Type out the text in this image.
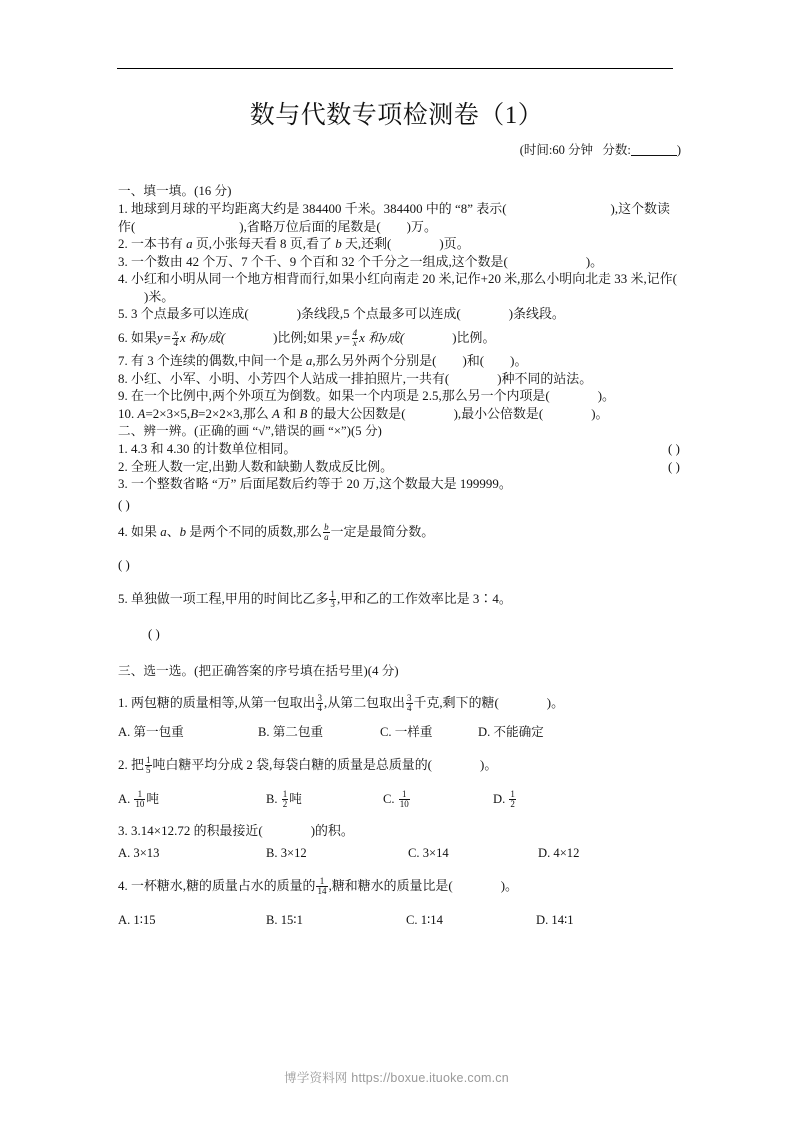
数与代数专项检测卷（1）
(时间:60 分钟 分数:	)
一、填一填。(16 分)
1. 地球到月球的平均距离大约是 384400 千米。384400 中的 “8” 表示(	),这个数读作(	),省略万位后面的尾数是( )万。
2. 一本书有 a 页,小张每天看 8 页,看了 b 天,还剩(	)页。
3. 一个数由 42 个万、7 个千、9 个百和 32 个千分之一组成,这个数是(	)。
4. 小红和小明从同一个地方相背而行,如果小红向南走 20 米,记作+20 米,那么小明向北走 33 米,记作()米。
5. 3 个点最多可以连成(	)条线段,5 个点最多可以连成(	)条线段。
6. 如果$y= \frac{x}{4}$ x 和y成(	)比例;如果 $y= \frac{4}{x}$ x 和y成(	)比例。
7. 有 3 个连续的偶数,中间一个是 a,那么另外两个分别是( )和( )。
8. 小红、小军、小明、小芳四个人站成一排拍照片,一共有(	)种不同的站法。
9. 在一个比例中,两个外项互为倒数。如果一个内项是 2.5,那么另一个内项是(	)。
10. A=2×3×5,B=2×2×3,那么 A 和 B 的最大公因数是(	),最小公倍数是(	)。
二、辨一辨。(正确的画 “√”,错误的画 “×”)(5 分)
1. 4.3 和 4.30 的计数单位相同。	( )
2. 全班人数一定,出勤人数和缺勤人数成反比例。	( )
3. 一个整数省略 “万” 后面尾数后约等于 20 万,这个数最大是 199999。
( )
4. 如果 a、b 是两个不同的质数,那么 $\frac{b}{a}$ 一定是最简分数。
( )
5. 单独做一项工程,甲用的时间比乙多 $\frac{1}{3}$ ,甲和乙的工作效率比是 3∶4。
( )
三、选一选。(把正确答案的序号填在括号里)(4 分)
1. 两包糖的质量相等,从第一包取出 $\frac{3}{4}$ ,从第二包取出 $\frac{3}{4}$ 千克,剩下的糖(	)。
A. 第一包重	B. 第二包重	C. 一样重	D. 不能确定
2. 把 $\frac{1}{5}$ 吨白糖平均分成 2 袋,每袋白糖的质量是总质量的(	)。
A. $\frac{1}{10}$ 吨	B. $\frac{1}{2}$ 吨	C. $\frac{1}{10}$	D. $\frac{1}{2}$
3. 3.14×12.72 的积最接近(	)的积。
A. 3×13	B. 3×12	C. 3×14	D. 4×12
4. 一杯糖水,糖的质量占水的质量的 $\frac{1}{14}$ ,糖和糖水的质量比是(	)。
A. 1∶15	B. 15∶1	C. 1∶14	D. 14∶1
博学资料网 https://boxue.ituoke.com.cn
